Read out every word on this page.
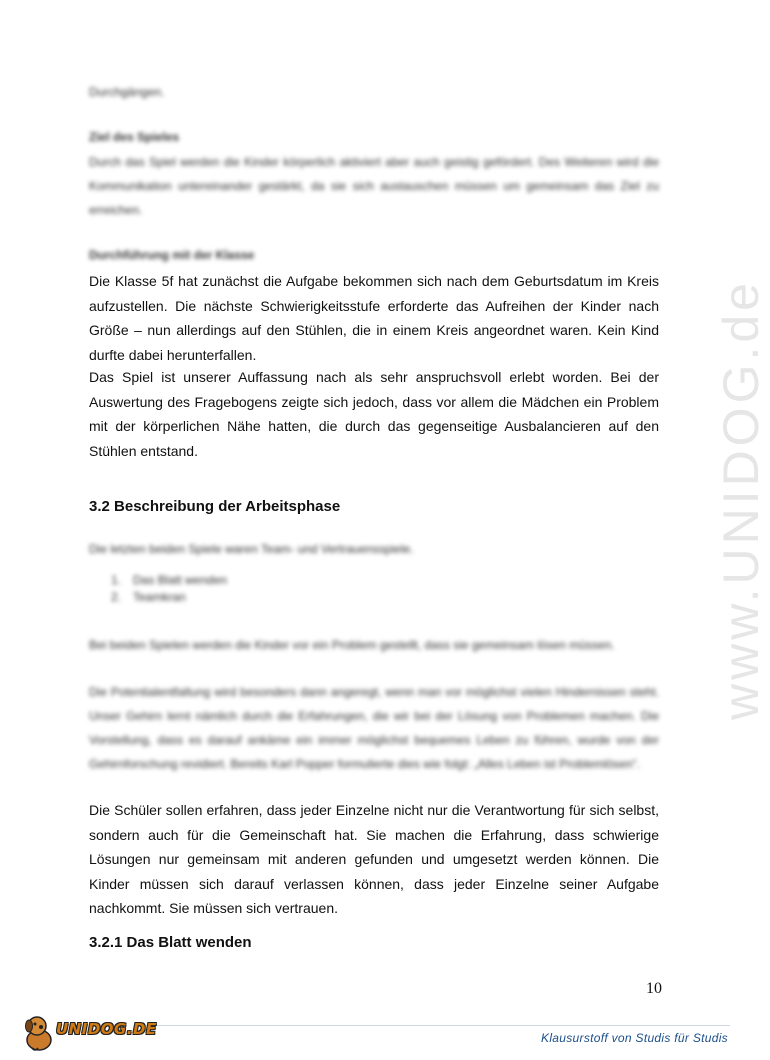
www.UNIDOG.de

Durchgängen.

Ziel des Spieles

Durch das Spiel werden die Kinder körperlich aktiviert aber auch geistig gefördert. Des Weiteren wird die Kommunikation untereinander gestärkt, da sie sich austauschen müssen um gemeinsam das Ziel zu erreichen.

Durchführung mit der Klasse

Die Klasse 5f hat zunächst die Aufgabe bekommen sich nach dem Geburtsdatum im Kreis aufzustellen. Die nächste Schwierigkeitsstufe erforderte das Aufreihen der Kinder nach Größe – nun allerdings auf den Stühlen, die in einem Kreis angeordnet waren. Kein Kind durfte dabei herunterfallen.

Das Spiel ist unserer Auffassung nach als sehr anspruchsvoll erlebt worden. Bei der Auswertung des Fragebogens zeigte sich jedoch, dass vor allem die Mädchen ein Problem mit der körperlichen Nähe hatten, die durch das gegenseitige Ausbalancieren auf den Stühlen entstand.

3.2 Beschreibung der Arbeitsphase

Die letzten beiden Spiele waren Team- und Vertrauensspiele.

1. Das Blatt wenden
2. Teamkran

Bei beiden Spielen werden die Kinder vor ein Problem gestellt, dass sie gemeinsam lösen müssen.

Die Potentialentfaltung wird besonders dann angeregt, wenn man vor möglichst vielen Hindernissen steht. Unser Gehirn lernt nämlich durch die Erfahrungen, die wir bei der Lösung von Problemen machen. Die Vorstellung, dass es darauf ankäme ein immer möglichst bequemes Leben zu führen, wurde von der Gehirnforschung revidiert. Bereits Karl Popper formulierte dies wie folgt: „Alles Leben ist Problemlösen“.

Die Schüler sollen erfahren, dass jeder Einzelne nicht nur die Verantwortung für sich selbst, sondern auch für die Gemeinschaft hat. Sie machen die Erfahrung, dass schwierige Lösungen nur gemeinsam mit anderen gefunden und umgesetzt werden können. Die Kinder müssen sich darauf verlassen können, dass jeder Einzelne seiner Aufgabe nachkommt. Sie müssen sich vertrauen.

3.2.1 Das Blatt wenden
10
UNIDOG.DE	Klausurstoff von Studis für Studis
